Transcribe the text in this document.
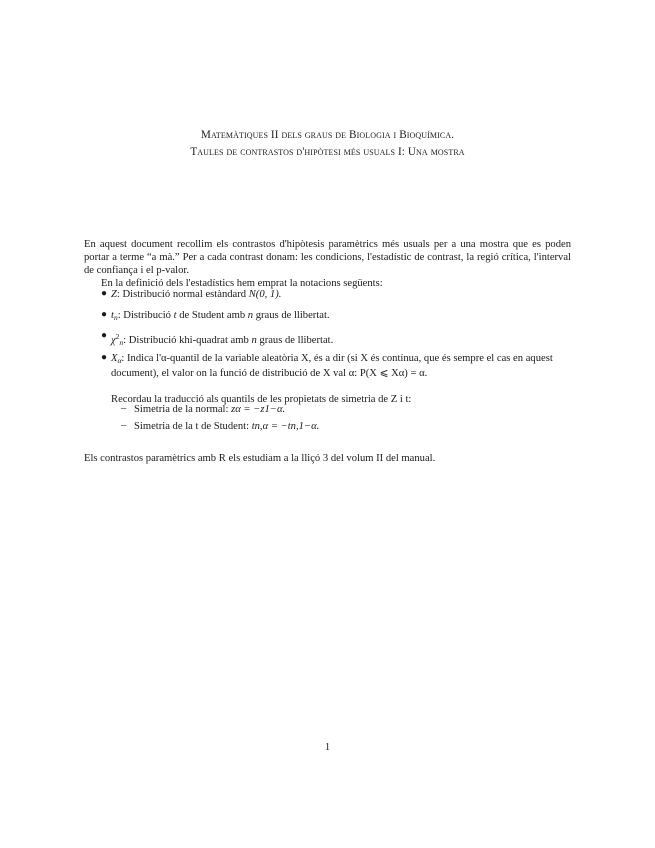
Matemàtiques II dels graus de Biologia i Bioquímica.
Taules de contrastos d'hipòtesi més usuals I: Una mostra

En aquest document recollim els contrastos d'hipòtesis paramètrics més usuals per a una mostra que es poden portar a terme “a mà.” Per a cada contrast donam: les condicions, l'estadístic de contrast, la regió crítica, l'interval de confiança i el p-valor.

En la definició dels l'estadístics hem emprat la notacions següents:

● Z: Distribució normal estàndard N(0, 1).
● $t_n$: Distribució t de Student amb n graus de llibertat.
● $\chi^2_n$: Distribució khi-quadrat amb n graus de llibertat.
● $X_\alpha$: Indica l'α-quantil de la variable aleatòria X, és a dir (si X és contínua, que és sempre el cas en aquest document), el valor on la funció de distribució de X val α: P(X ⩽ Xα) = α.

Recordau la traducció als quantils de les propietats de simetria de Z i t:

– Simetria de la normal: zα = −z1−α.
– Simetria de la t de Student: tn,α = −tn,1−α.

Els contrastos paramètrics amb R els estudiam a la lliçó 3 del volum II del manual.

1
